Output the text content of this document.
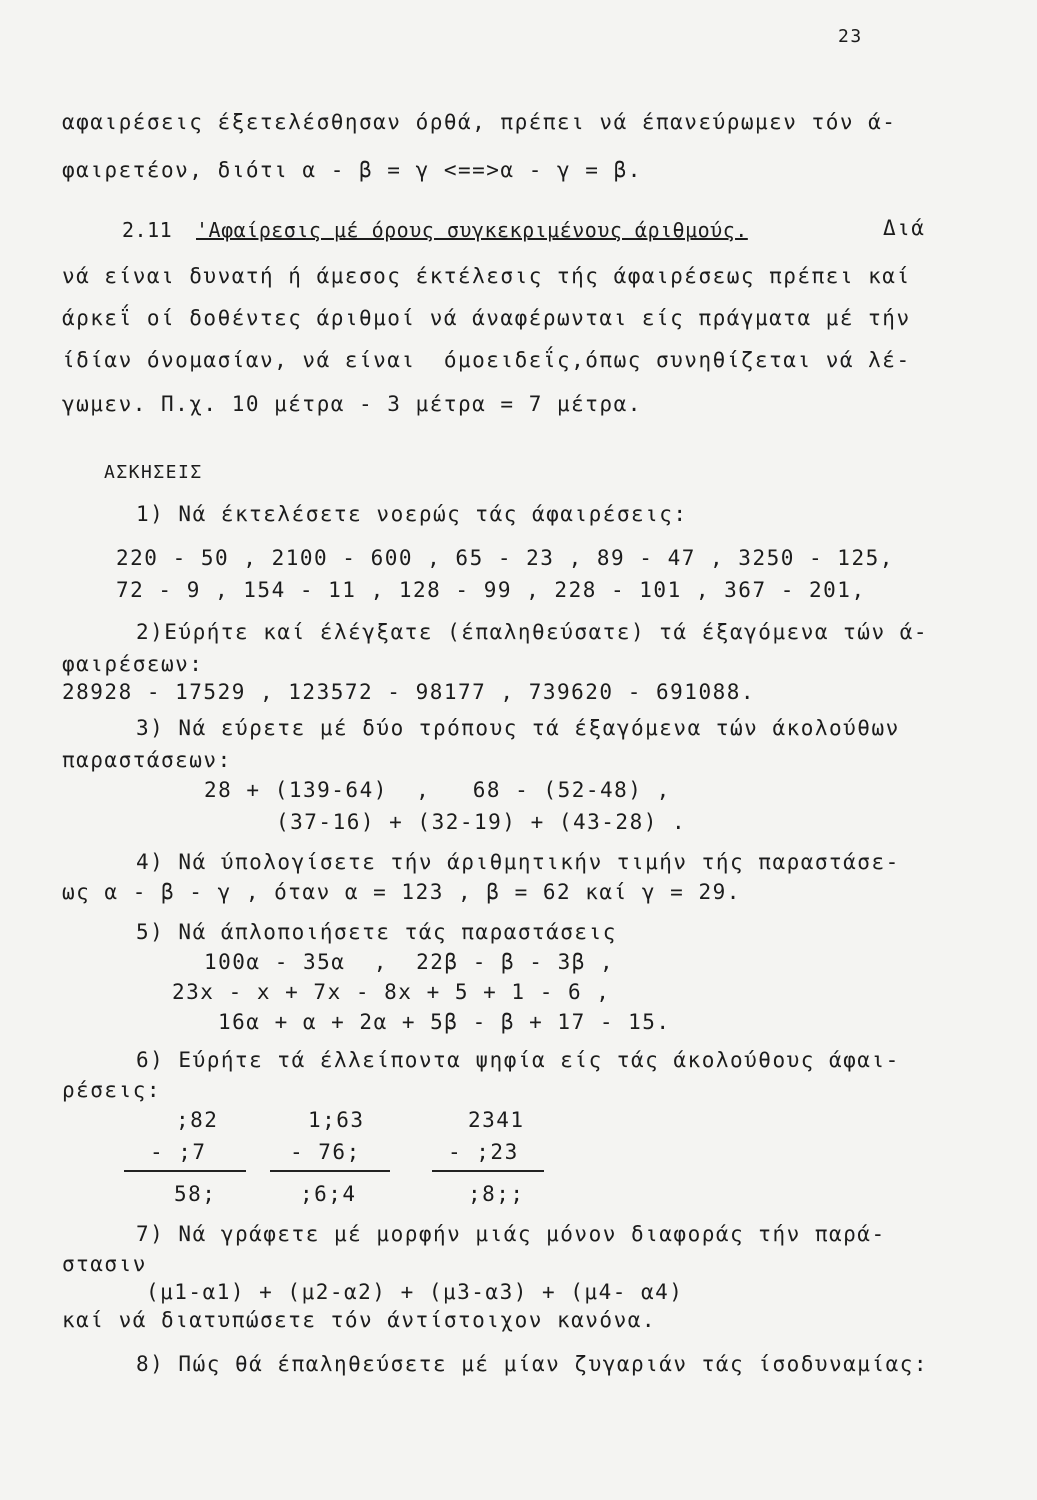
23
αφαιρέσεις έξετελέσθησαν όρθά, πρέπει νά έπανεύρωμεν τόν ά-
φαιρετέον, διότι α - β = γ <==>α - γ = β.
2.11 'Αφαίρεσις μέ όρους συγκεκριμένους άριθμούς.	Διά
νά είναι δυνατή ή άμεσος έκτέλεσις τής άφαιρέσεως πρέπει καί
άρκεΐ οί δοθέντες άριθμοί νά άναφέρωνται είς πράγματα μέ τήν
ίδίαν όνομασίαν, νά είναι  όμοειδεΐς,όπως συνηθίζεται νά λέ-
γωμεν. Π.χ. 10 μέτρα - 3 μέτρα = 7 μέτρα.
ΑΣΚΗΣΕΙΣ
1) Νά έκτελέσετε νοερώς τάς άφαιρέσεις:
220 - 50 , 2100 - 600 , 65 - 23 , 89 - 47 , 3250 - 125,
72 - 9 , 154 - 11 , 128 - 99 , 228 - 101 , 367 - 201,
2)Εύρήτε καί έλέγξατε (έπαληθεύσατε) τά έξαγόμενα τών ά-
φαιρέσεων:
28928 - 17529 , 123572 - 98177 , 739620 - 691088.
3) Νά εύρετε μέ δύο τρόπους τά έξαγόμενα τών άκολούθων
παραστάσεων:
28 + (139-64)  ,   68 - (52-48) ,
(37-16) + (32-19) + (43-28) .
4) Νά ύπολογίσετε τήν άριθμητικήν τιμήν τής παραστάσε-
ως α - β - γ , όταν α = 123 , β = 62 καί γ = 29.
5) Νά άπλοποιήσετε τάς παραστάσεις
100α - 35α  ,  22β - β - 3β ,
23x - x + 7x - 8x + 5 + 1 - 6 ,
16α + α + 2α + 5β - β + 17 - 15.
6) Εύρήτε τά έλλείποντα ψηφία είς τάς άκολούθους άφαι-
ρέσεις:
;82
- ;7
58;
1;63
- 76;
;6;4
2341
- ;23
;8;;
7) Νά γράφετε μέ μορφήν μιάς μόνον διαφοράς τήν παρά-
στασιν
(μ1-α1) + (μ2-α2) + (μ3-α3) + (μ4- α4)
καί νά διατυπώσετε τόν άντίστοιχον κανόνα.
8) Πώς θά έπαληθεύσετε μέ μίαν ζυγαριάν τάς ίσοδυναμίας:
